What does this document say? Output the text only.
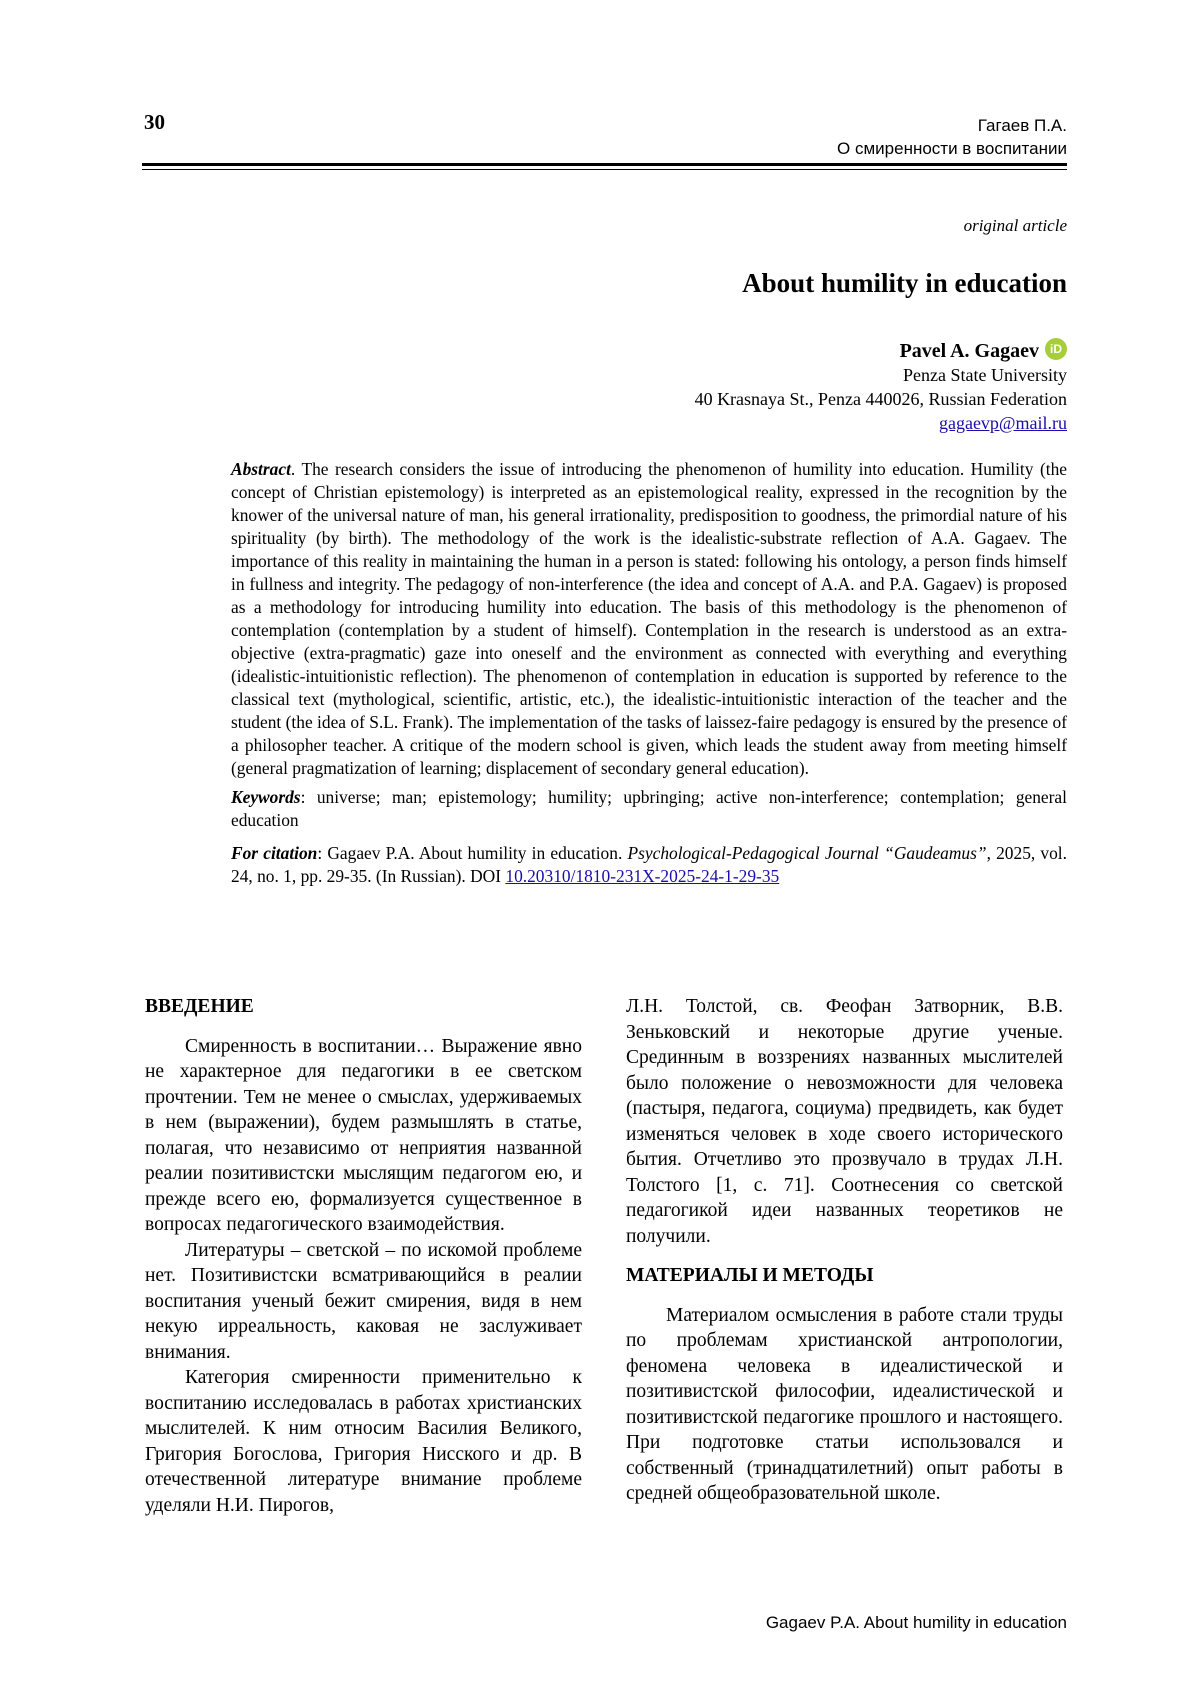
30	Гагаев П.А.
О смиренности в воспитании
original article
About humility in education
Pavel A. Gagaev iD
Penza State University
40 Krasnaya St., Penza 440026, Russian Federation
gagaevp@mail.ru

Abstract. The research considers the issue of introducing the phenomenon of humility into education. Humility (the concept of Christian epistemology) is interpreted as an epistemological reality, expressed in the recognition by the knower of the universal nature of man, his general irrationality, predisposition to goodness, the primordial nature of his spirituality (by birth). The methodology of the work is the idealistic-substrate reflection of A.A. Gagaev. The importance of this reality in maintaining the human in a person is stated: following his ontology, a person finds himself in fullness and integrity. The pedagogy of non-interference (the idea and concept of A.A. and P.A. Gagaev) is proposed as a methodology for introducing humility into education. The basis of this methodology is the phenomenon of contemplation (contemplation by a student of himself). Contemplation in the research is understood as an extra-objective (extra-pragmatic) gaze into oneself and the environment as connected with everything and everything (idealistic-intuitionistic reflection). The phenomenon of contemplation in education is supported by reference to the classical text (mythological, scientific, artistic, etc.), the idealistic-intuitionistic interaction of the teacher and the student (the idea of S.L. Frank). The implementation of the tasks of laissez-faire pedagogy is ensured by the presence of a philosopher teacher. A critique of the modern school is given, which leads the student away from meeting himself (general pragmatization of learning; displacement of secondary general education).

Keywords: universe; man; epistemology; humility; upbringing; active non-interference; contemplation; general education

For citation: Gagaev P.A. About humility in education. Psychological-Pedagogical Journal “Gaudeamus”, 2025, vol. 24, no. 1, pp. 29-35. (In Russian). DOI 10.20310/1810-231X-2025-24-1-29-35

ВВЕДЕНИЕ

Смиренность в воспитании… Выражение явно не характерное для педагогики в ее светском прочтении. Тем не менее о смыслах, удерживаемых в нем (выражении), будем размышлять в статье, полагая, что независимо от неприятия названной реалии позитивистски мыслящим педагогом ею, и прежде всего ею, формализуется существенное в вопросах педагогического взаимодействия.

Литературы – светской – по искомой проблеме нет. Позитивистски всматривающийся в реалии воспитания ученый бежит смирения, видя в нем некую ирреальность, каковая не заслуживает внимания.

Категория смиренности применительно к воспитанию исследовалась в работах христианских мыслителей. К ним относим Василия Великого, Григория Богослова, Григория Нисского и др. В отечественной литературе внимание проблеме уделяли Н.И. Пирогов,

Л.Н. Толстой, св. Феофан Затворник, В.В. Зеньковский и некоторые другие ученые. Срединным в воззрениях названных мыслителей было положение о невозможности для человека (пастыря, педагога, социума) предвидеть, как будет изменяться человек в ходе своего исторического бытия. Отчетливо это прозвучало в трудах Л.Н. Толстого [1, с. 71]. Соотнесения со светской педагогикой идеи названных теоретиков не получили.

МАТЕРИАЛЫ И МЕТОДЫ

Материалом осмысления в работе стали труды по проблемам христианской антропологии, феномена человека в идеалистической и позитивистской философии, идеалистической и позитивистской педагогике прошлого и настоящего. При подготовке статьи использовался и собственный (тринадцатилетний) опыт работы в средней общеобразовательной школе.

Gagaev P.A. About humility in education
